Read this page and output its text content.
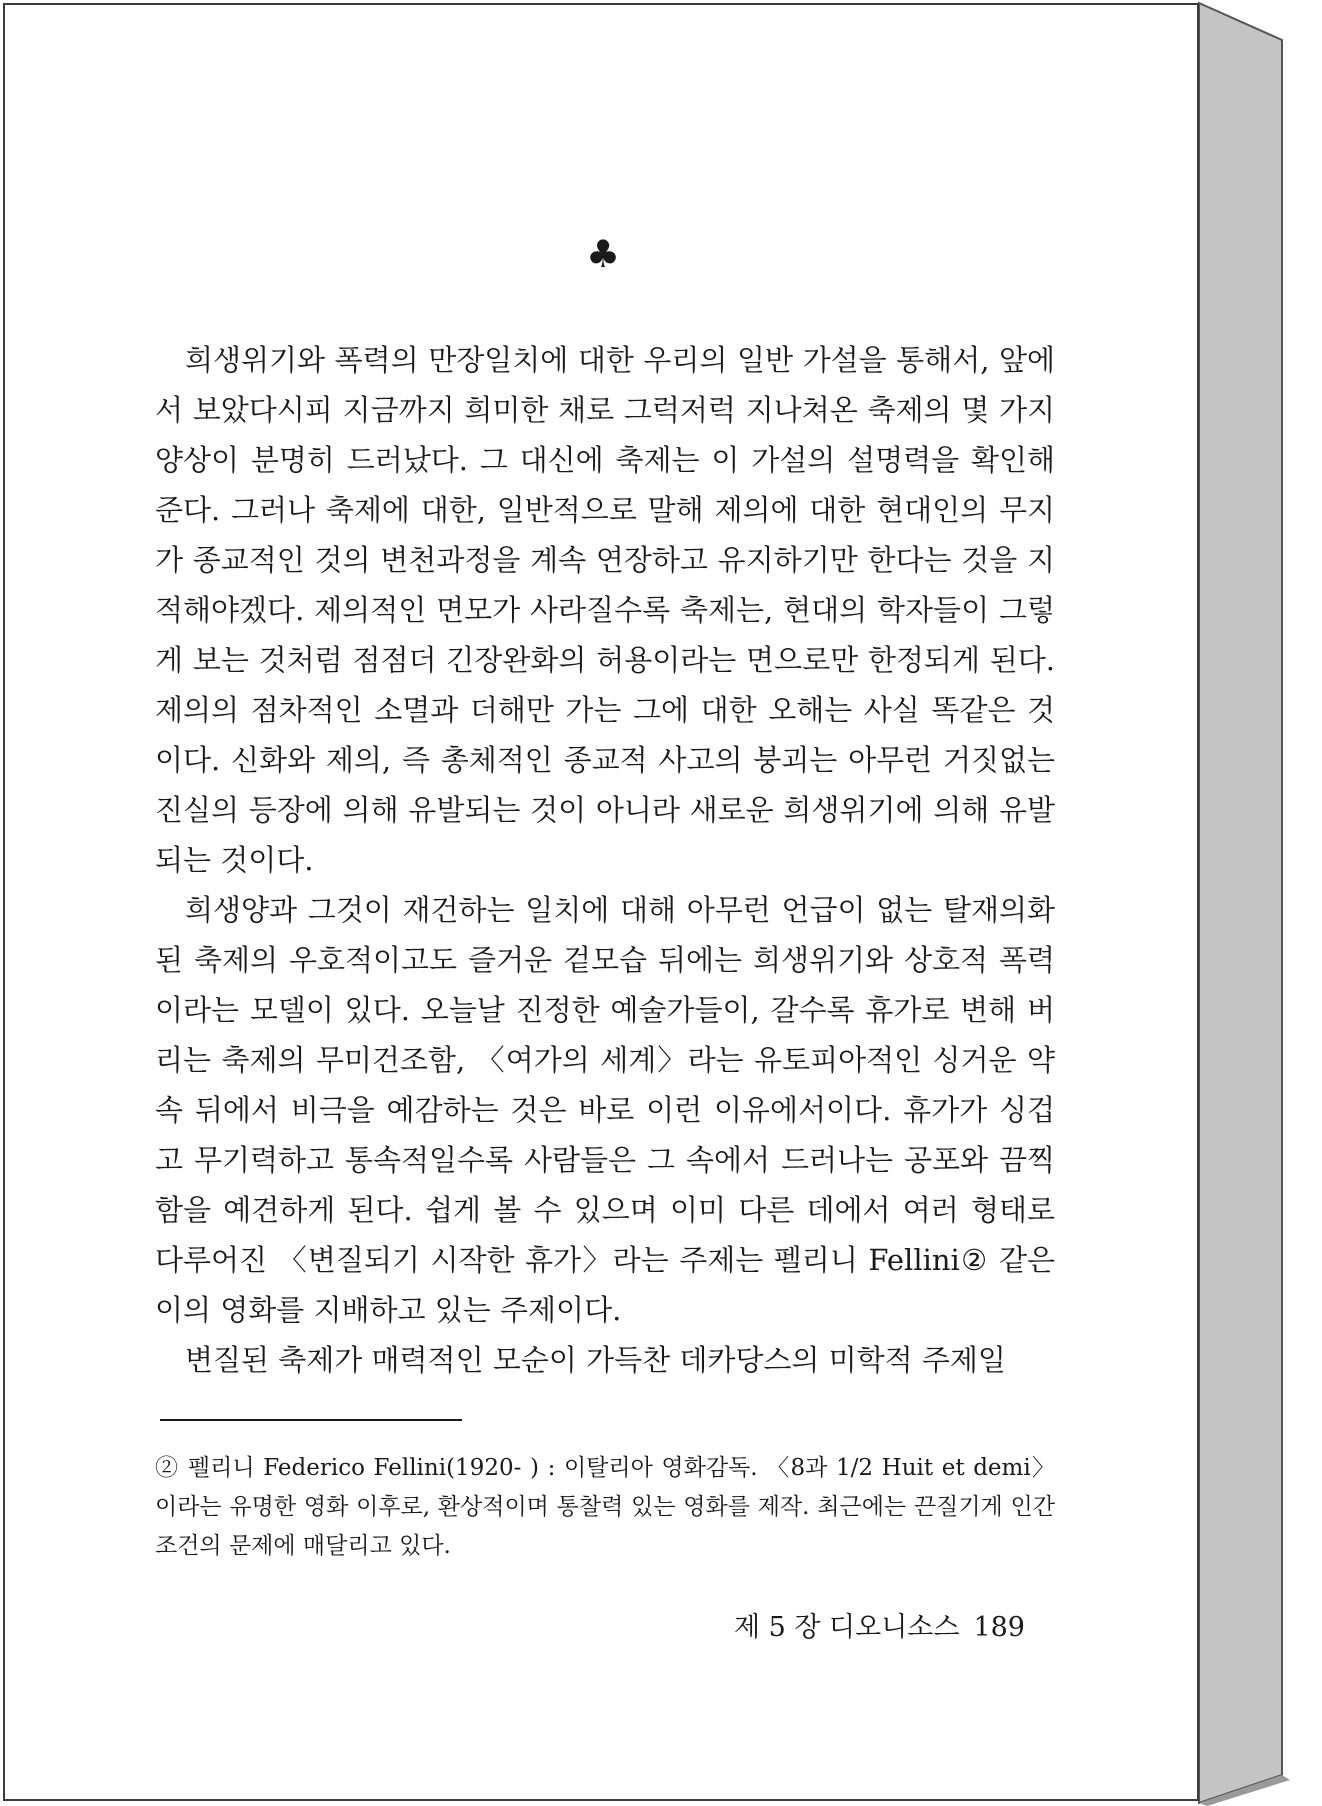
♣

희생위기와 폭력의 만장일치에 대한 우리의 일반 가설을 통해서, 앞에서 보았다시피 지금까지 희미한 채로 그럭저럭 지나쳐온 축제의 몇 가지 양상이 분명히 드러났다. 그 대신에 축제는 이 가설의 설명력을 확인해 준다. 그러나 축제에 대한, 일반적으로 말해 제의에 대한 현대인의 무지가 종교적인 것의 변천과정을 계속 연장하고 유지하기만 한다는 것을 지적해야겠다. 제의적인 면모가 사라질수록 축제는, 현대의 학자들이 그렇게 보는 것처럼 점점더 긴장완화의 허용이라는 면으로만 한정되게 된다. 제의의 점차적인 소멸과 더해만 가는 그에 대한 오해는 사실 똑같은 것이다. 신화와 제의, 즉 총체적인 종교적 사고의 붕괴는 아무런 거짓없는 진실의 등장에 의해 유발되는 것이 아니라 새로운 희생위기에 의해 유발되는 것이다.

희생양과 그것이 재건하는 일치에 대해 아무런 언급이 없는 탈재의화된 축제의 우호적이고도 즐거운 겉모습 뒤에는 희생위기와 상호적 폭력이라는 모델이 있다. 오늘날 진정한 예술가들이, 갈수록 휴가로 변해 버리는 축제의 무미건조함, 〈여가의 세계〉라는 유토피아적인 싱거운 약속 뒤에서 비극을 예감하는 것은 바로 이런 이유에서이다. 휴가가 싱겁고 무기력하고 통속적일수록 사람들은 그 속에서 드러나는 공포와 끔찍함을 예견하게 된다. 쉽게 볼 수 있으며 이미 다른 데에서 여러 형태로 다루어진 〈변질되기 시작한 휴가〉라는 주제는 펠리니 Fellini② 같은 이의 영화를 지배하고 있는 주제이다.

변질된 축제가 매력적인 모순이 가득찬 데카당스의 미학적 주제일

② 펠리니 Federico Fellini(1920- ) : 이탈리아 영화감독. 〈8과 1/2 Huit et demi〉이라는 유명한 영화 이후로, 환상적이며 통찰력 있는 영화를 제작. 최근에는 끈질기게 인간조건의 문제에 매달리고 있다.
제 5 장 디오니소스 189
